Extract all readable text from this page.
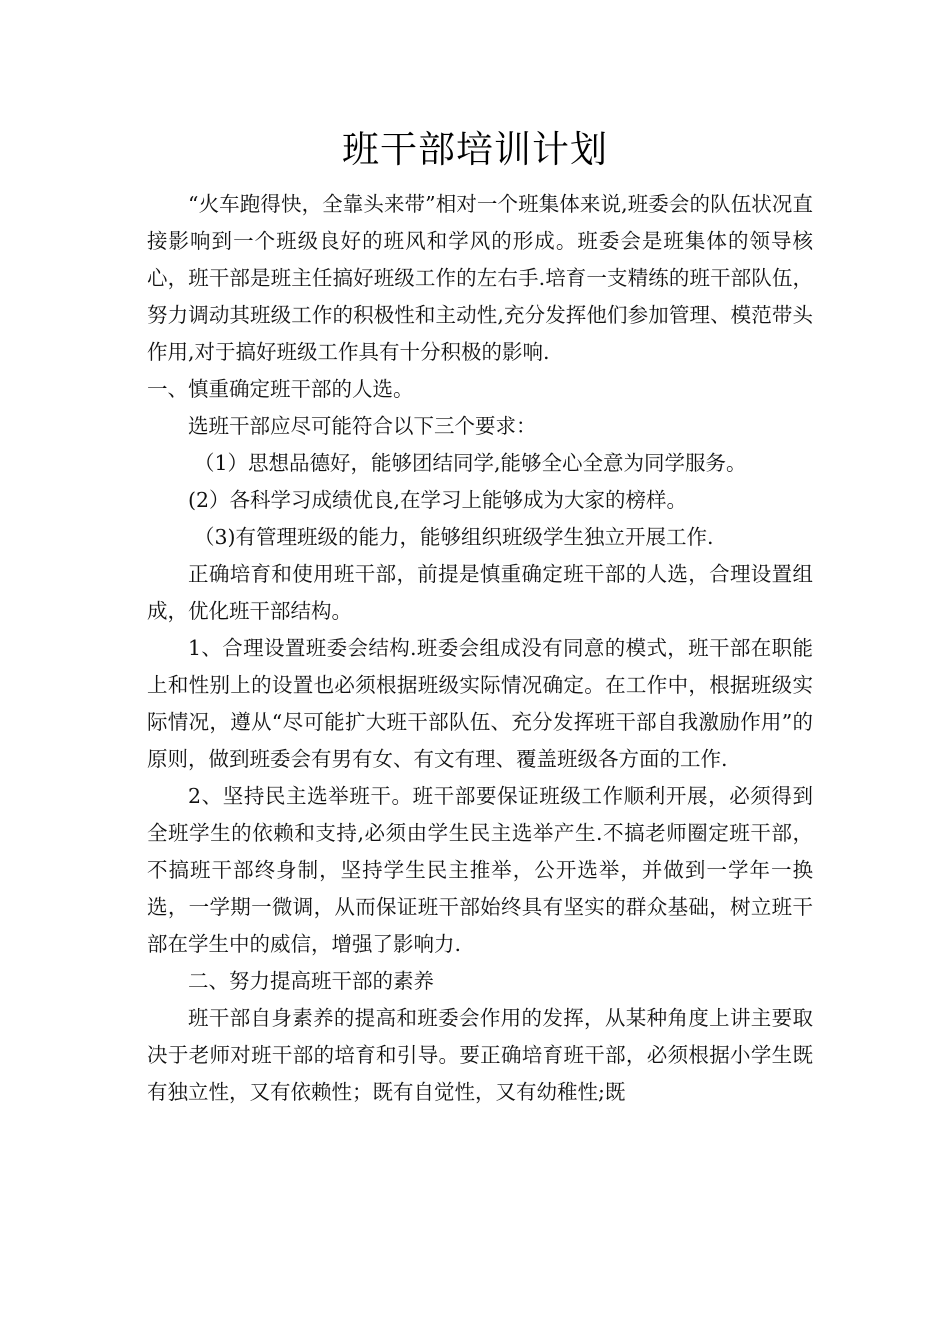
班干部培训计划

“火车跑得快，全靠头来带”相对一个班集体来说,班委会的队伍状况直接影响到一个班级良好的班风和学风的形成。班委会是班集体的领导核心，班干部是班主任搞好班级工作的左右手.培育一支精练的班干部队伍，努力调动其班级工作的积极性和主动性,充分发挥他们参加管理、模范带头作用,对于搞好班级工作具有十分积极的影响.

一、慎重确定班干部的人选。

选班干部应尽可能符合以下三个要求：

（1）思想品德好，能够团结同学,能够全心全意为同学服务。

(2）各科学习成绩优良,在学习上能够成为大家的榜样。

（3)有管理班级的能力，能够组织班级学生独立开展工作.

正确培育和使用班干部，前提是慎重确定班干部的人选，合理设置组成，优化班干部结构。

1、合理设置班委会结构.班委会组成没有同意的模式，班干部在职能上和性别上的设置也必须根据班级实际情况确定。在工作中，根据班级实际情况，遵从“尽可能扩大班干部队伍、充分发挥班干部自我激励作用”的原则，做到班委会有男有女、有文有理、覆盖班级各方面的工作.

2、坚持民主选举班干。班干部要保证班级工作顺利开展，必须得到全班学生的依赖和支持,必须由学生民主选举产生.不搞老师圈定班干部，不搞班干部终身制，坚持学生民主推举，公开选举，并做到一学年一换选，一学期一微调，从而保证班干部始终具有坚实的群众基础，树立班干部在学生中的威信，增强了影响力.

二、努力提高班干部的素养

班干部自身素养的提高和班委会作用的发挥，从某种角度上讲主要取决于老师对班干部的培育和引导。要正确培育班干部，必须根据小学生既有独立性，又有依赖性；既有自觉性，又有幼稚性;既
